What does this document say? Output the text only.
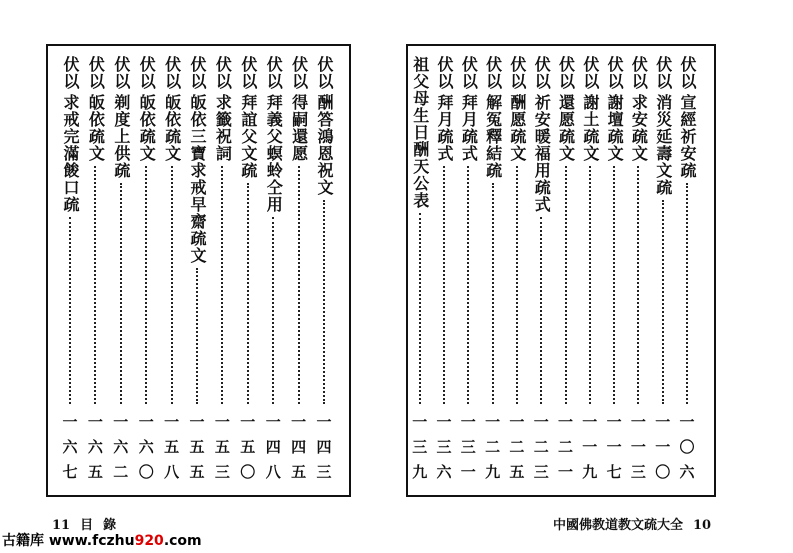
伏以
酬答鴻恩祝文
一
四
三
伏以
得嗣還愿
一
四
五
伏以
拜義父螟蛉仝用
一
四
八
伏以
拜誼父文疏
一
五
〇
伏以
求籤祝詞
一
五
三
伏以
皈依三寶求戒早齋疏文
一
五
五
伏以
皈依疏文
一
五
八
伏以
皈依疏文
一
六
〇
伏以
剃度上供疏
一
六
二
伏以
皈依疏文
一
六
五
伏以
求戒完滿餕口疏
一
六
七
伏以
宣經祈安疏
一
〇
六
伏以
消災延壽文疏
一
一
〇
伏以
求安疏文
一
一
三
伏以
謝壇疏文
一
一
七
伏以
謝土疏文
一
一
九
伏以
還愿疏文
一
二
一
伏以
祈安暖福用疏式
一
二
三
伏以
酬愿疏文
一
二
五
伏以
解冤釋結疏
一
二
九
伏以
拜月疏式
一
三
一
伏以
拜月疏式
一
三
六
祖父母生日酬天公表
一
三
九
11 目 錄	中國佛教道教文疏大全 10
古籍库 www.fczhu920.com
